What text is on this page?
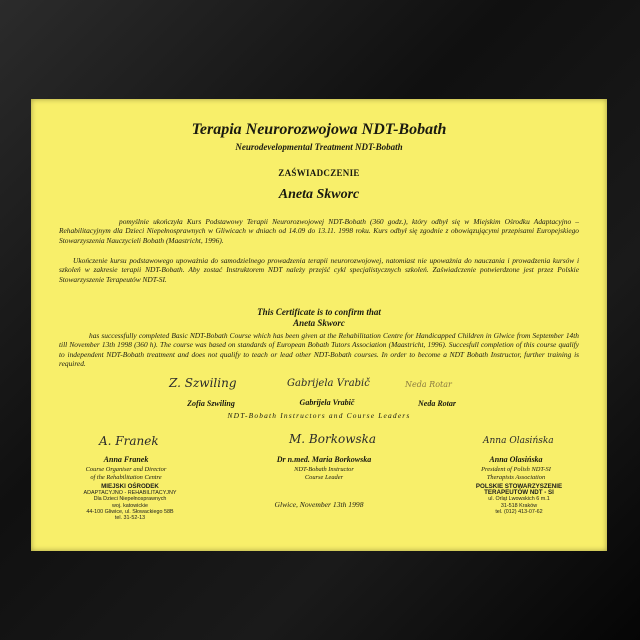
Terapia Neurorozwojowa NDT-Bobath
Neurodevelopmental Treatment NDT-Bobath
ZAŚWIADCZENIE
Aneta Skworc
pomyślnie ukończyła Kurs Podstawowy Terapii Neurorozwojowej NDT-Bobath (360 godz.), który odbył się w Miejskim Ośrodku Adaptacyjno – Rehabilitacyjnym dla Dzieci Niepełnosprawnych w Gliwicach w dniach od 14.09 do 13.11. 1998 roku. Kurs odbył się zgodnie z obowiązującymi przepisami Europejskiego Stowarzyszenia Nauczycieli Bobath (Maastricht, 1996).
Ukończenie kursu podstawowego upoważnia do samodzielnego prowadzenia terapii neurorozwojowej, natomiast nie upoważnia do nauczania i prowadzenia kursów i szkoleń w zakresie terapii NDT-Bobath. Aby zostać Instruktorem NDT należy przejść cykl specjalistycznych szkoleń. Zaświadczenie potwierdzone jest przez Polskie Stowarzyszenie Terapeutów NDT-SI.
This Certificate is to confirm that
Aneta Skworc
has successfully completed Basic NDT-Bobath Course which has been given at the Rehabilitation Centre for Handicapped Children in Glwice from September 14th till November 13th 1998 (360 h). The course was based on standards of European Bobath Tutors Association (Maastricht, 1996). Succesfull completion of this course qualify to independent NDT-Bobath treatment and does not qualify to teach or lead other NDT-Bobath courses. In order to become a NDT Bobath Instructor, further training is required.
Z. Szwiling	Gabrijela Vrabič	Neda Rotar
Zofia Szwiling	Gabrijela Vrabič	Neda Rotar
NDT-Bobath Instructors and Course Leaders
A. Franek	M. Borkowska	Anna Olasińska
Anna Franek
Course Organiser and Director
of the Rehabilitation Centre
Dr n.med. Maria Borkowska
NDT-Bobath Instructor
Course Leader
Anna Olasińska
President of Polish NDT-SI
Therapists Association
MIEJSKI OŚRODEK
ADAPTACYJNO - REHABILITACYJNY
Dla Dzieci Niepełnosprawnych
woj. katowickie
44-100 Gliwice, ul. Słowackiego 58B
tel. 31-52-13
POLSKIE STOWARZYSZENIE
TERAPEUTÓW NDT - SI
ul. Orląt Lwowskich 6 m.1
31-518 Kraków
tel. (012) 413-07-62
Glwice, November 13th 1998
